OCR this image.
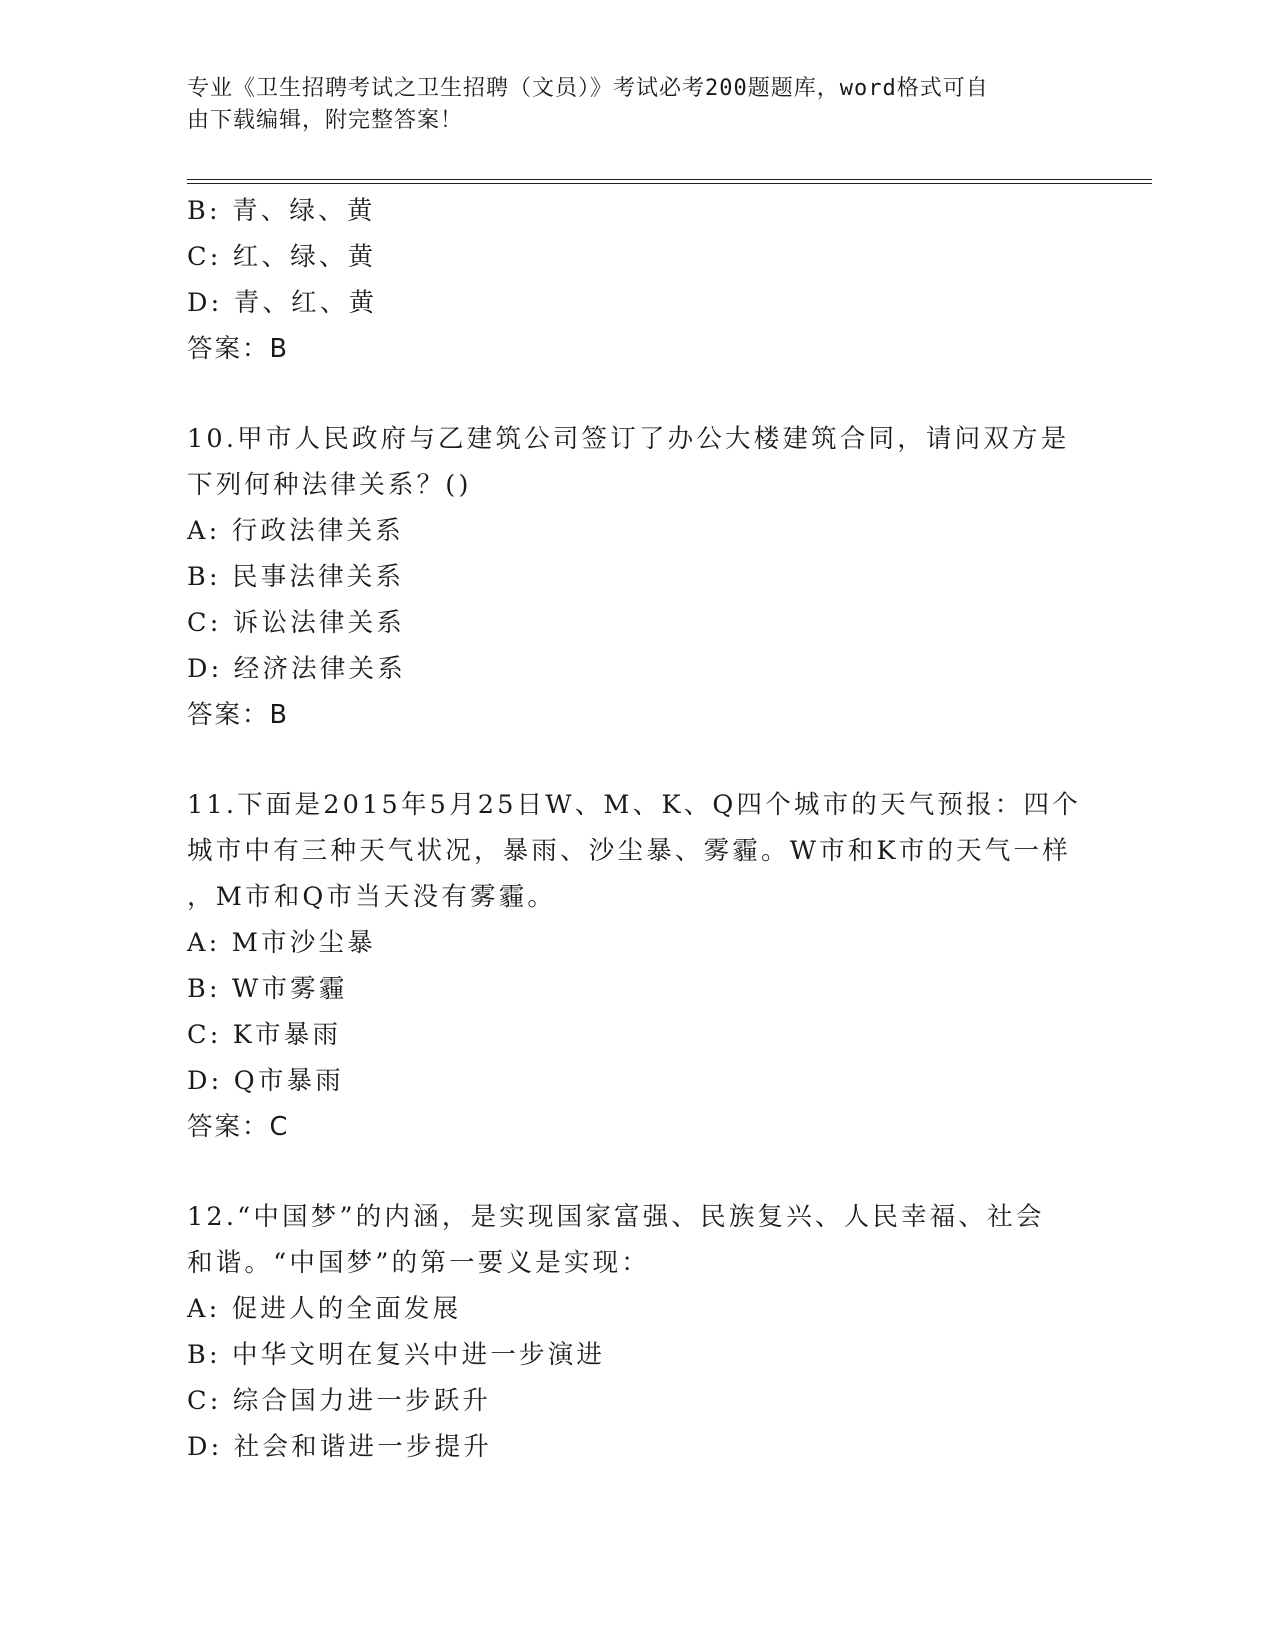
专业《卫生招聘考试之卫生招聘（文员）》考试必考200题题库，word格式可自
由下载编辑，附完整答案！
B: 青、绿、黄
C: 红、绿、黄
D: 青、红、黄
答案：B
10.甲市人民政府与乙建筑公司签订了办公大楼建筑合同，请问双方是
下列何种法律关系？()
A: 行政法律关系
B: 民事法律关系
C: 诉讼法律关系
D: 经济法律关系
答案：B
11.下面是2015年5月25日W、M、K、Q四个城市的天气预报：四个
城市中有三种天气状况，暴雨、沙尘暴、雾霾。W市和K市的天气一样
，M市和Q市当天没有雾霾。
A: M市沙尘暴
B: W市雾霾
C: K市暴雨
D: Q市暴雨
答案：C
12.“中国梦”的内涵，是实现国家富强、民族复兴、人民幸福、社会
和谐。“中国梦”的第一要义是实现：
A: 促进人的全面发展
B: 中华文明在复兴中进一步演进
C: 综合国力进一步跃升
D: 社会和谐进一步提升
